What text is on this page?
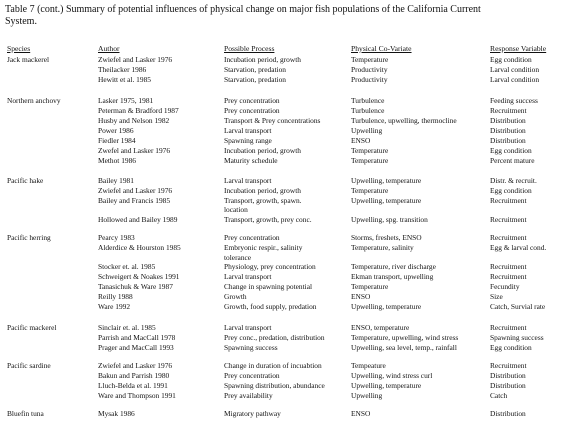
Table 7 (cont.) Summary of potential influences of physical change on major fish populations of the California Current System.
Species	Author	Possible Process	Physical Co-Variate	Response Variable
Jack mackerel	Zwiefel and Lasker 1976	Incubation period, growth	Temperature	Egg condition
Theilacker 1986	Starvation, predation	Productivity	Larval condition
Hewitt et al. 1985	Starvation, predation	Productivity	Larval condition
Northern anchovy	Lasker 1975, 1981	Prey concentration	Turbulence	Feeding success
Peterman & Bradford 1987	Prey concentration	Turbulence	Recruitment
Husby and Nelson 1982	Transport & Prey concentrations	Turbulence, upwelling, thermocline	Distribution
Power 1986	Larval transport	Upwelling	Distribution
Fiedler 1984	Spawning range	ENSO	Distribution
Zwefel and Lasker 1976	Incubation period, growth	Temperature	Egg condition
Methot 1986	Maturity schedule	Temperature	Percent mature
Pacific hake	Bailey 1981	Larval transport	Upwelling, temperature	Distr. & recruit.
Zwiefel and Lasker 1976	Incubation period, growth	Temperature	Egg condition
Bailey and Francis 1985	Transport, growth, spawn.	Upwelling, temperature	Recruitment
location
Hollowed and Bailey 1989	Transport, growth, prey conc.	Upwelling, spg. transition	Recruitment
Pacific herring	Pearcy 1983	Prey concentration	Storms, freshets, ENSO	Recruitment
Alderdice & Hourston 1985	Embryonic respir., salinity	Temperature, salinity	Egg & larval cond.
tolerance
Stocker et. al. 1985	Physiology, prey concentration	Temperature, river discharge	Recruitment
Schweigert & Noakes 1991	Larval transport	Ekman transport, upwelling	Recruitment
Tanasichuk & Ware 1987	Change in spawning potential	Temperature	Fecundity
Reilly 1988	Growth	ENSO	Size
Ware 1992	Growth, food supply, predation	Upwelling, temperature	Catch, Survial rate
Pacific mackerel	Sinclair et. al. 1985	Larval transport	ENSO, temperature	Recruitment
Parrish and MacCall 1978	Prey conc., predation, distribution	Temperature, upwelling, wind stress	Spawning success
Prager and MacCall 1993	Spawning success	Upwelling, sea level, temp., rainfall	Egg condition
Pacific sardine	Zwiefel and Lasker 1976	Change in duration of incuabtion	Tempeature	Recruitment
Bakun and Parrish 1980	Prey concentration	Upwelling, wind stress curl	Distribution
Lluch-Belda et al. 1991	Spawning distribution, abundance	Upwelling, temperature	Distribution
Ware and Thompson 1991	Prey availability	Upwelling	Catch
Bluefin tuna	Mysak 1986	Migratory pathway	ENSO	Distribution
